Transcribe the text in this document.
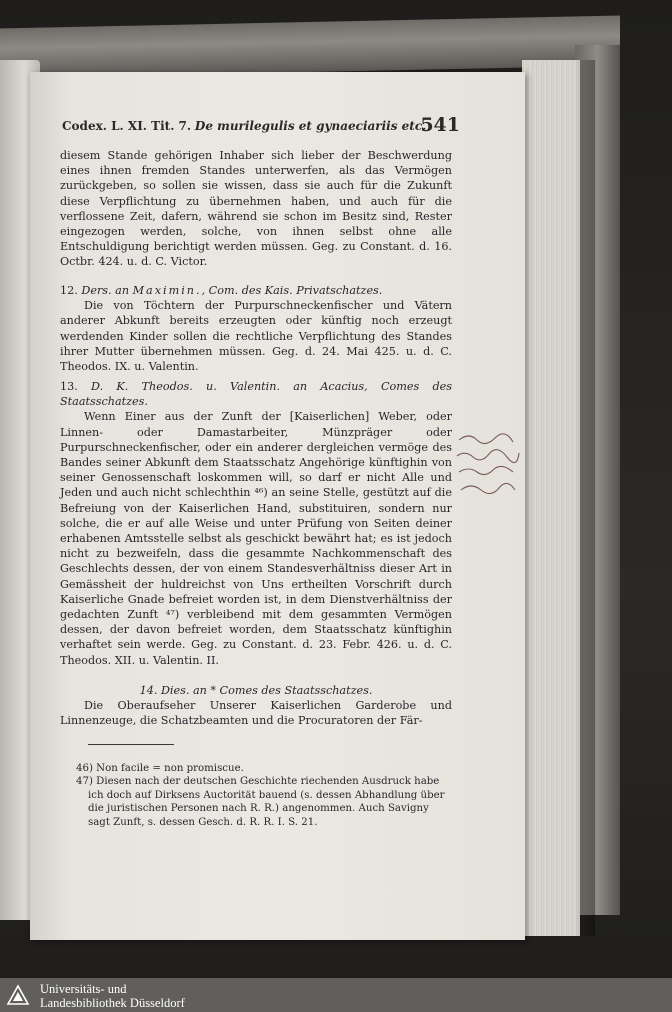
Codex. L. XI. Tit. 7. De murilegulis et gynaeciariis etc.
541
diesem Stande gehörigen Inhaber sich lieber der Beschwerdung eines ihnen fremden Standes unterwerfen, als das Vermögen zurückgeben, so sollen sie wissen, dass sie auch für die Zukunft diese Verpflichtung zu übernehmen haben, und auch für die verflossene Zeit, dafern, während sie schon im Besitz sind, Rester eingezogen werden, solche, von ihnen selbst ohne alle Entschuldigung berichtigt werden müssen. Geg. zu Constant. d. 16. Octbr. 424. u. d. C. Victor.
12. Ders. an Maximin., Com. des Kais. Privatschatzes.
Die von Töchtern der Purpurschneckenfischer und Vätern anderer Abkunft bereits erzeugten oder künftig noch erzeugt werdenden Kinder sollen die rechtliche Verpflichtung des Standes ihrer Mutter übernehmen müssen. Geg. d. 24. Mai 425. u. d. C. Theodos. IX. u. Valentin.
13. D. K. Theodos. u. Valentin. an Acacius, Comes des Staatsschatzes.
Wenn Einer aus der Zunft der [Kaiserlichen] Weber, oder Linnen- oder Damastarbeiter, Münzpräger oder Purpurschneckenfischer, oder ein anderer dergleichen vermöge des Bandes seiner Abkunft dem Staatsschatz Angehörige künftighin von seiner Genossenschaft loskommen will, so darf er nicht Alle und Jeden und auch nicht schlechthin ⁴⁶) an seine Stelle, gestützt auf die Befreiung von der Kaiserlichen Hand, substituiren, sondern nur solche, die er auf alle Weise und unter Prüfung von Seiten deiner erhabenen Amtsstelle selbst als geschickt bewährt hat; es ist jedoch nicht zu bezweifeln, dass die gesammte Nachkommenschaft des Geschlechts dessen, der von einem Standesverhältniss dieser Art in Gemässheit der huldreichst von Uns ertheilten Vorschrift durch Kaiserliche Gnade befreiet worden ist, in dem Dienstverhältniss der gedachten Zunft ⁴⁷) verbleibend mit dem gesammten Vermögen dessen, der davon befreiet worden, dem Staatsschatz künftighin verhaftet sein werde. Geg. zu Constant. d. 23. Febr. 426. u. d. C. Theodos. XII. u. Valentin. II.
14. Dies. an * Comes des Staatsschatzes.
Die Oberaufseher Unserer Kaiserlichen Garderobe und Linnenzeuge, die Schatzbeamten und die Procuratoren der Fär-
46) Non facile = non promiscue.
47) Diesen nach der deutschen Geschichte riechenden Ausdruck habe ich doch auf Dirksens Auctorität bauend (s. dessen Abhandlung über die juristischen Personen nach R. R.) angenommen. Auch Savigny sagt Zunft, s. dessen Gesch. d. R. R. I. S. 21.
Universitäts- und
Landesbibliothek Düsseldorf
